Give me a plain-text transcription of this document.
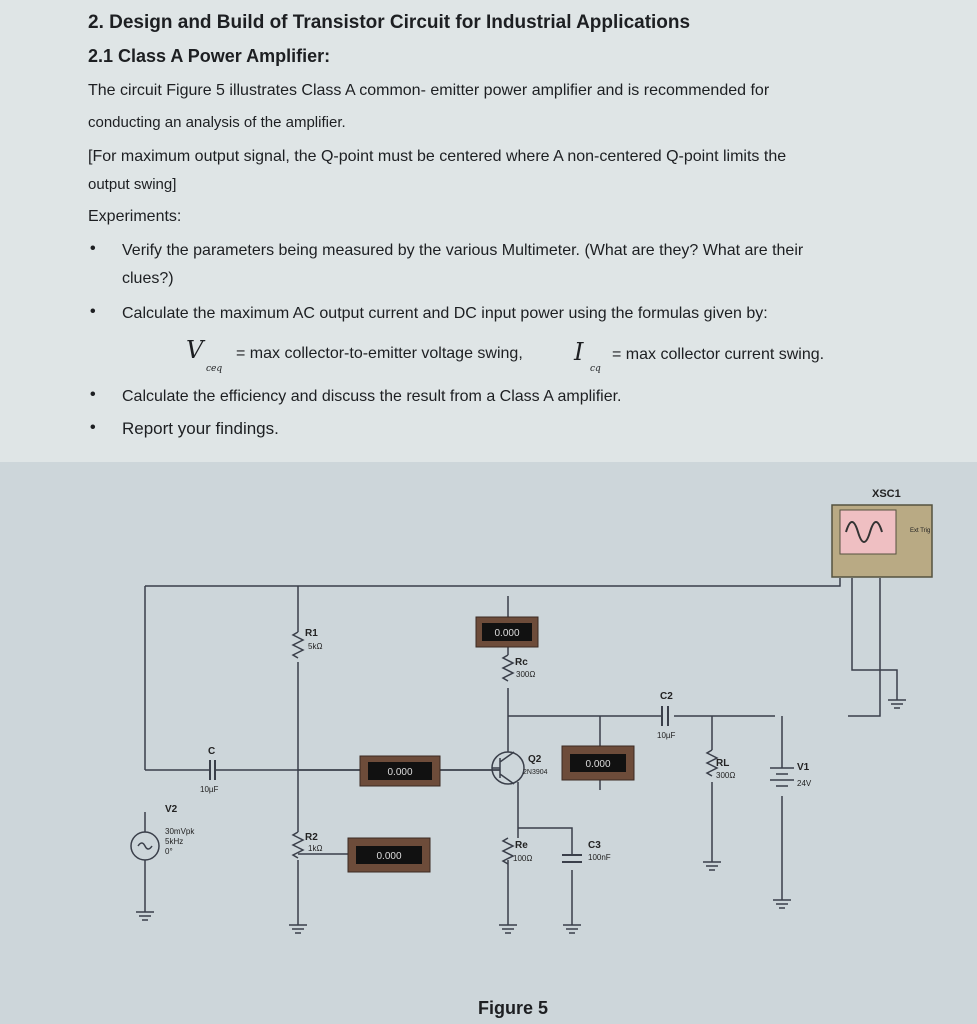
2. Design and Build of Transistor Circuit for Industrial Applications
2.1 Class A Power Amplifier:
The circuit Figure 5 illustrates Class A common- emitter power amplifier and is recommended for
conducting an analysis of the amplifier.
[For maximum output signal, the Q-point must be centered where A non-centered Q-point limits the
output swing]
Experiments:
• Verify the parameters being measured by the various Multimeter. (What are they? What are their
clues?)
• Calculate the maximum AC output current and DC input power using the formulas given by:
V
ceq
= max collector-to-emitter voltage swing, I
cq
= max collector current swing.
• Calculate the efficiency and discuss the result from a Class A amplifier.
• Report your findings.
0.000
0.000
0.000
0.000
XSC1
R1
R2
Rc
Re
RL
C
C2
C3
Q2
V1
V2
Ext Trig
5kΩ
1kΩ
300Ω
100Ω
300Ω
10µF
10µF
100nF
2N3904
24V
30mVpk
5kHz
0°
Figure 5
